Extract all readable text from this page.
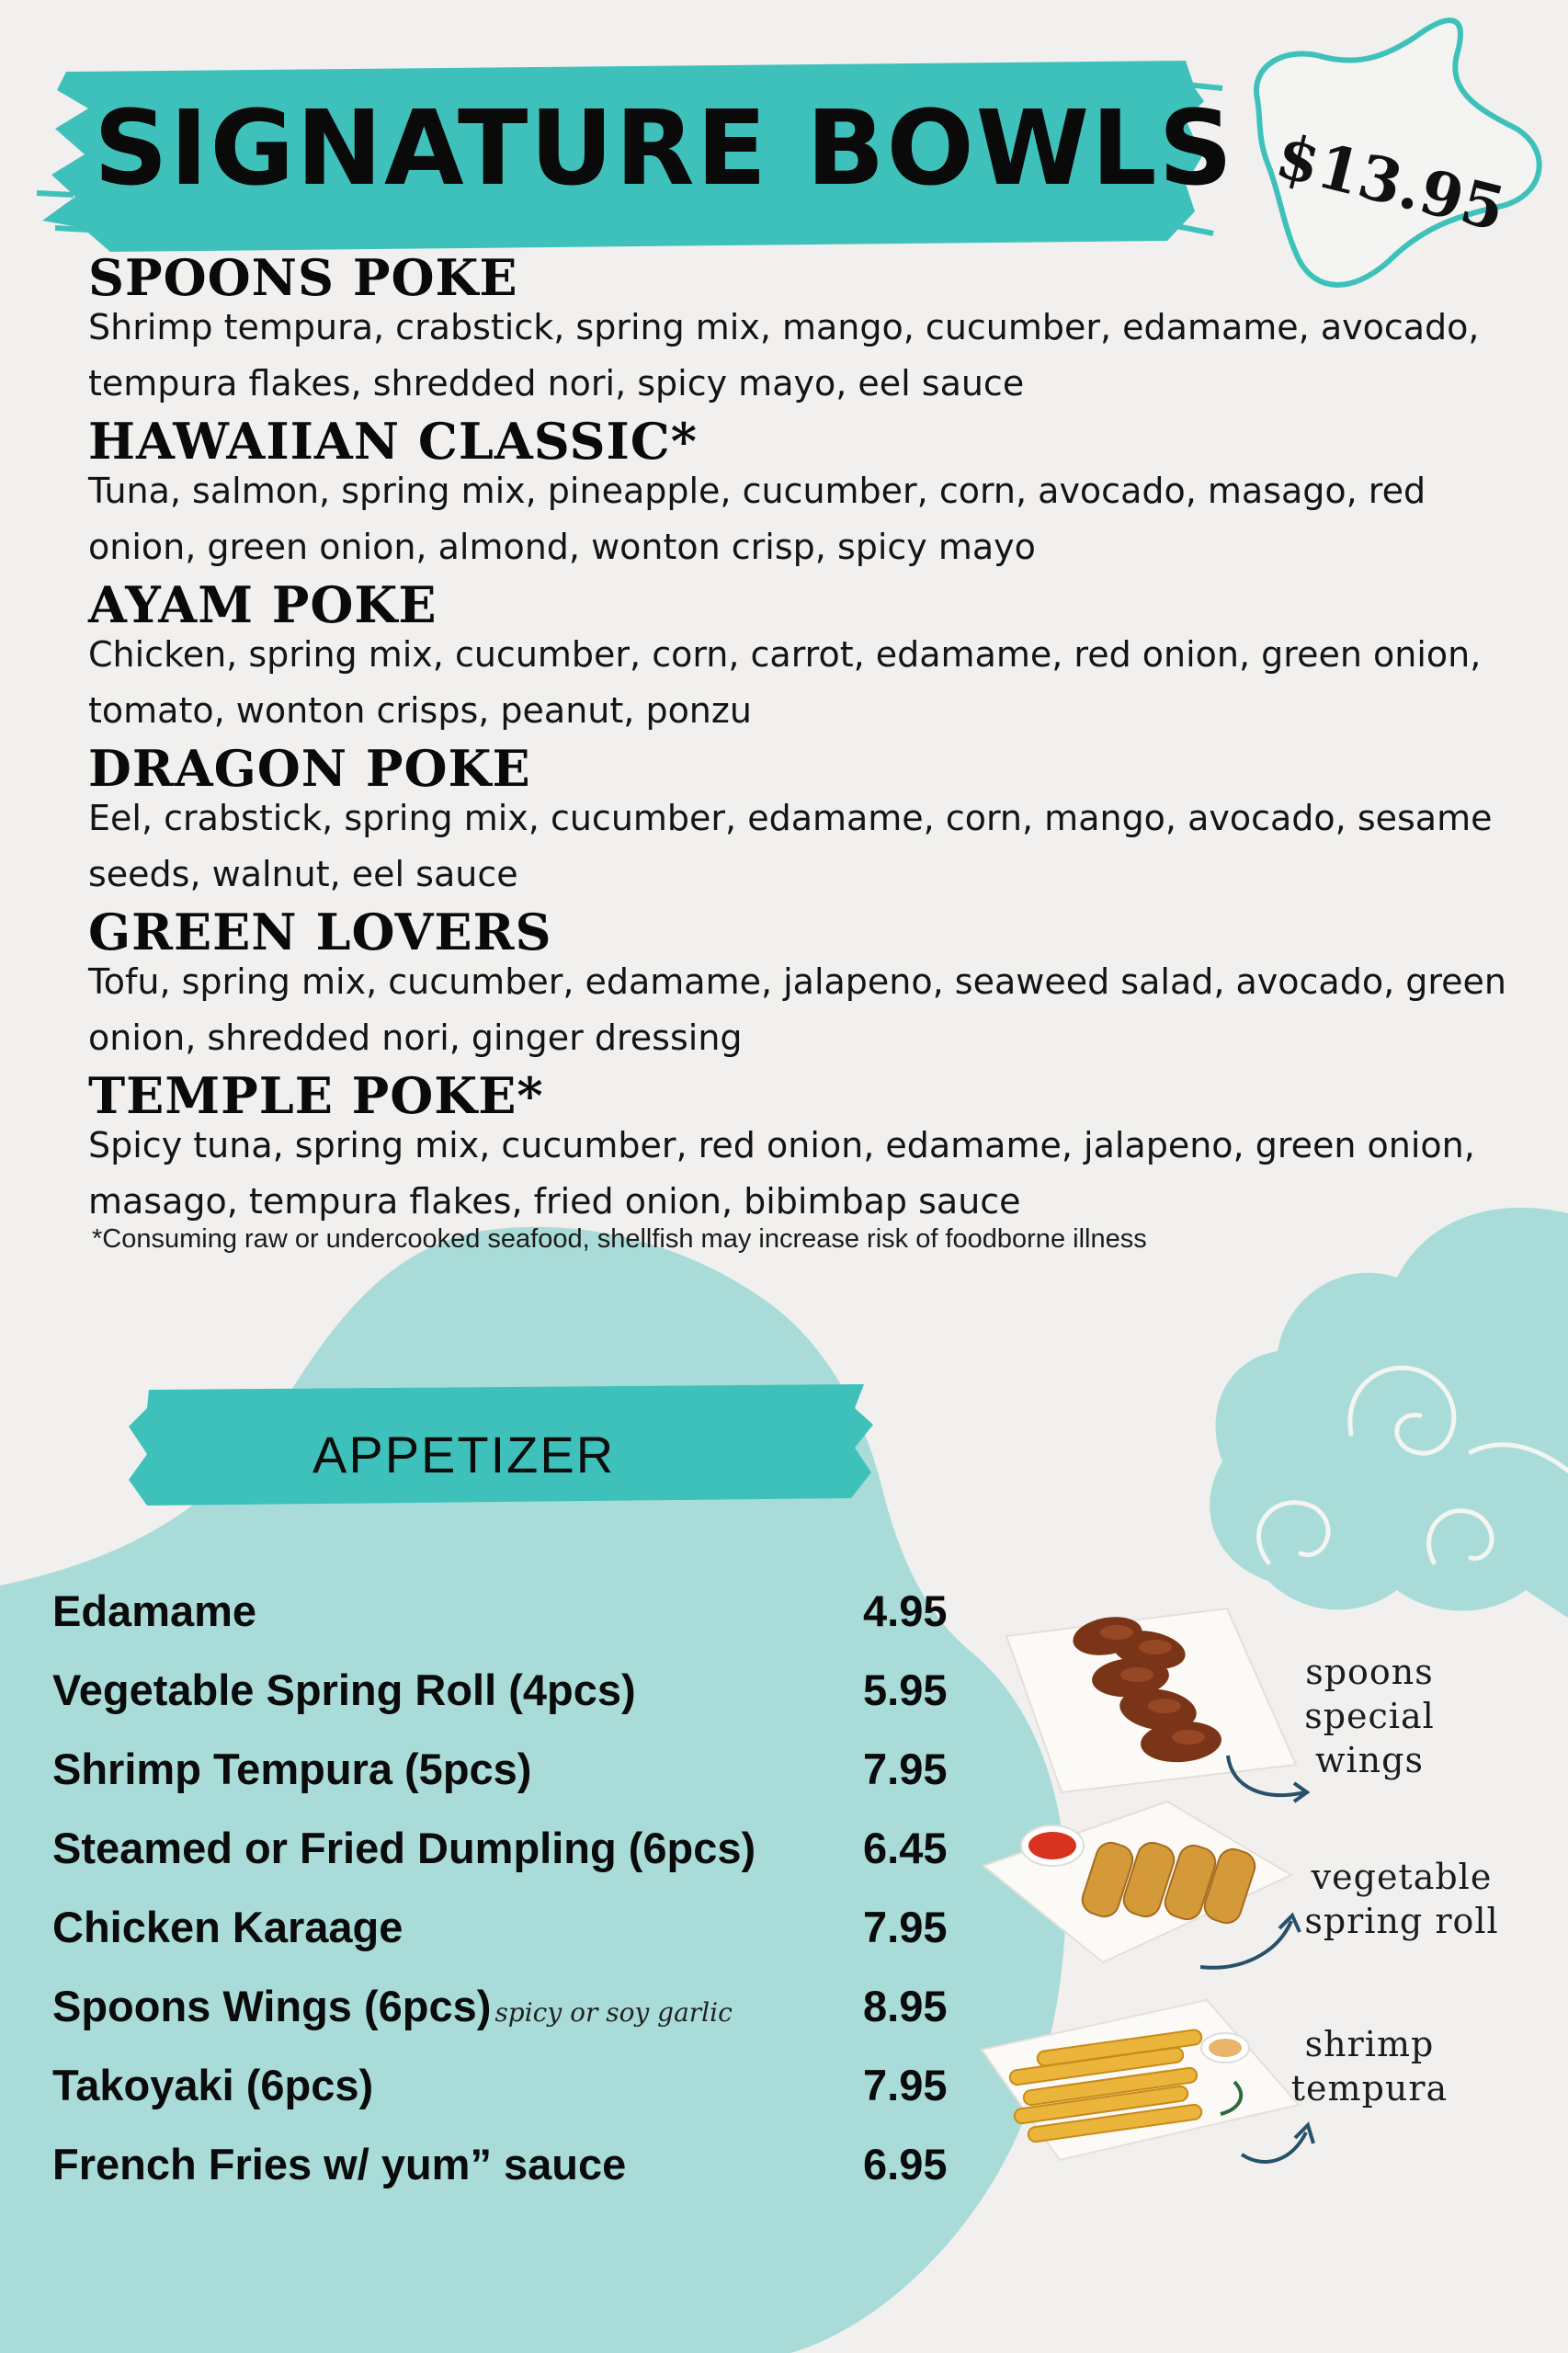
SIGNATURE BOWLS $13.95
SPOONS POKE
Shrimp tempura, crabstick, spring mix, mango, cucumber, edamame, avocado, tempura flakes, shredded nori, spicy mayo, eel sauce
HAWAIIAN CLASSIC*
Tuna, salmon, spring mix, pineapple, cucumber, corn, avocado, masago, red onion, green onion, almond, wonton crisp, spicy mayo
AYAM POKE
Chicken, spring mix, cucumber, corn, carrot, edamame, red onion, green onion, tomato, wonton crisps, peanut, ponzu
DRAGON POKE
Eel, crabstick, spring mix, cucumber, edamame, corn, mango, avocado, sesame seeds, walnut, eel sauce
GREEN LOVERS
Tofu, spring mix, cucumber, edamame, jalapeno, seaweed salad, avocado, green onion, shredded nori, ginger dressing
TEMPLE POKE*
Spicy tuna, spring mix, cucumber, red onion, edamame, jalapeno, green onion, masago, tempura flakes, fried onion, bibimbap sauce
*Consuming raw or undercooked seafood, shellfish may increase risk of foodborne illness
APPETIZER
Edamame	4.95
Vegetable Spring Roll (4pcs)	5.95
Shrimp Tempura (5pcs)	7.95
Steamed or Fried Dumpling (6pcs) 6.45
Chicken Karaage	7.95
Spoons Wings (6pcs) spicy or soy garlic	8.95
Takoyaki (6pcs)	7.95
French Fries w/ yum” sauce	6.95
spoons
special
wings
vegetable
spring roll
shrimp
tempura
